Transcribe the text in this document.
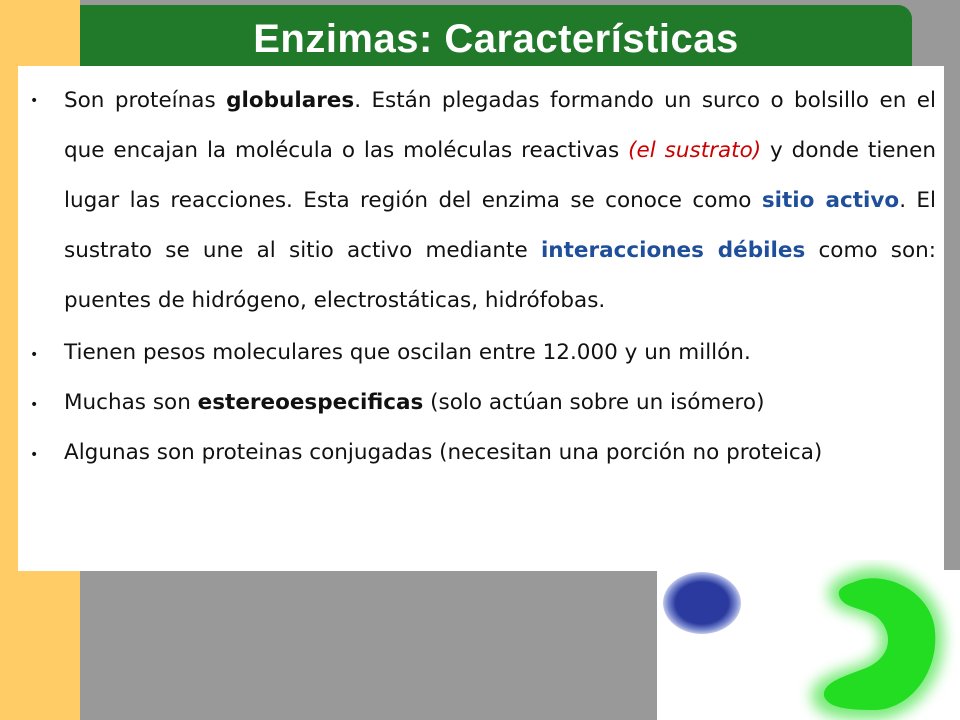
Enzimas: Características
• Son proteínas globulares. Están plegadas formando un surco o bolsillo en el que encajan la molécula o las moléculas reactivas (el sustrato) y donde tienen lugar las reacciones. Esta región del enzima se conoce como sitio activo. El sustrato se une al sitio activo mediante interacciones débiles como son: puentes de hidrógeno, electrostáticas, hidrófobas.
• Tienen pesos moleculares que oscilan entre 12.000 y un millón.
• Muchas son estereoespecificas (solo actúan sobre un isómero)
• Algunas son proteinas conjugadas (necesitan una porción no proteica)
